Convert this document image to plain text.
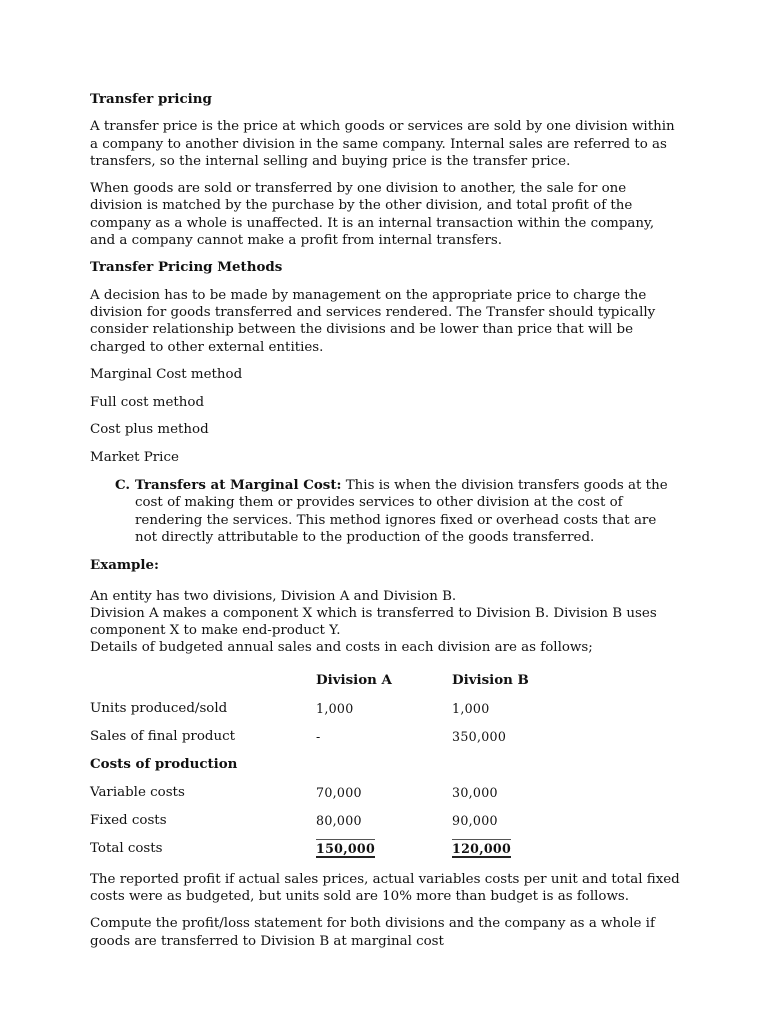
Transfer pricing

A transfer price is the price at which goods or services are sold by one division within a company to another division in the same company. Internal sales are referred to as transfers, so the internal selling and buying price is the transfer price.

When goods are sold or transferred by one division to another, the sale for one division is matched by the purchase by the other division, and total profit of the company as a whole is unaffected. It is an internal transaction within the company, and a company cannot make a profit from internal transfers.

Transfer Pricing Methods

A decision has to be made by management on the appropriate price to charge the division for goods transferred and services rendered. The Transfer should typically consider relationship between the divisions and be lower than price that will be charged to other external entities.

Marginal Cost method
Full cost method
Cost plus method
Market Price
C. Transfers at Marginal Cost: This is when the division transfers goods at the cost of making them or provides services to other division at the cost of rendering the services. This method ignores fixed or overhead costs that are not directly attributable to the production of the goods transferred.
Example:
An entity has two divisions, Division A and Division B.
Division A makes a component X which is transferred to Division B. Division B uses component X to make end-product Y.
Details of budgeted annual sales and costs in each division are as follows;
	Division A	Division B
Units produced/sold	1,000	1,000
Sales of final product	-	350,000
Costs of production		
Variable costs	70,000	30,000
Fixed costs	80,000	90,000
Total costs	150,000	120,000

The reported profit if actual sales prices, actual variables costs per unit and total fixed costs were as budgeted, but units sold are 10% more than budget is as follows.

Compute the profit/loss statement for both divisions and the company as a whole if goods are transferred to Division B at marginal cost
